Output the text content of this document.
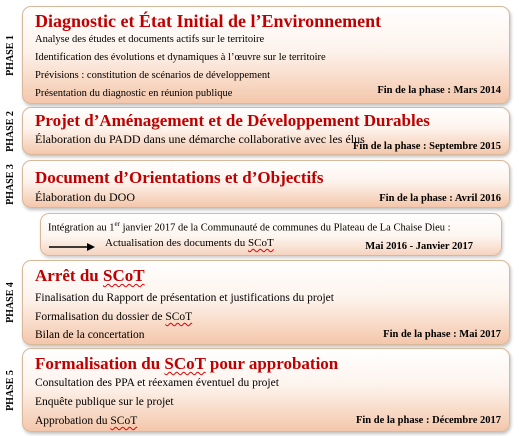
PHASE 1
Diagnostic et État Initial de l’Environnement
Analyse des études et documents actifs sur le territoire
Identification des évolutions et dynamiques à l’œuvre sur le territoire
Prévisions : constitution de scénarios de développement
Présentation du diagnostic en réunion publique	Fin de la phase : Mars 2014
PHASE 2 Projet d’Aménagement et de Développement Durables
Élaboration du PADD dans une démarche collaborative avec les élus
Fin de la phase : Septembre 2015
PHASE 3 Document d’Orientations et d’Objectifs
Élaboration du DOO	Fin de la phase : Avril 2016
Intégration au 1er janvier 2017 de la Communauté de communes du Plateau de La Chaise Dieu :
Actualisation des documents du SCoT	Mai 2016 - Janvier 2017
PHASE 4
Arrêt du SCoT
Finalisation du Rapport de présentation et justifications du projet
Formalisation du dossier de SCoT
Bilan de la concertation	Fin de la phase : Mai 2017
PHASE 5
Formalisation du SCoT pour approbation
Consultation des PPA et réexamen éventuel du projet
Enquête publique sur le projet
Approbation du SCoT	Fin de la phase : Décembre 2017
